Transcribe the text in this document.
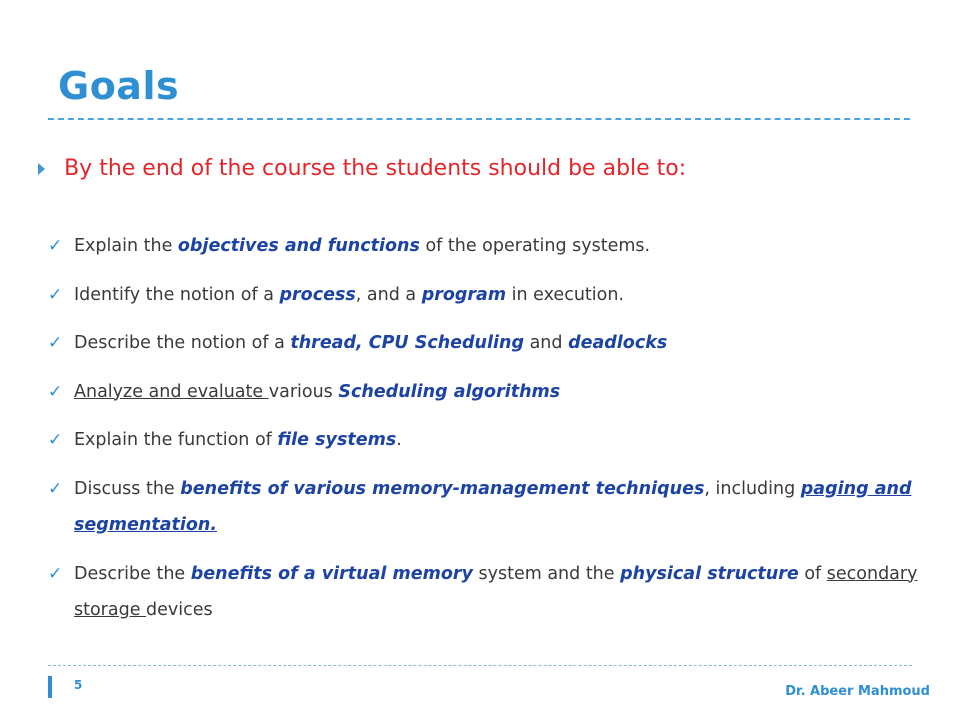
Goals
By the end of the course the students should be able to:
✓ Explain the objectives and functions of the operating systems.
✓ Identify the notion of a process, and a program in execution.
✓ Describe the notion of a thread, CPU Scheduling and deadlocks
✓ Analyze and evaluate various Scheduling algorithms
✓ Explain the function of file systems.
✓ Discuss the benefits of various memory-management techniques, including paging and segmentation.
✓ Describe the benefits of a virtual memory system and the physical structure of secondary storage devices
5	Dr. Abeer Mahmoud
